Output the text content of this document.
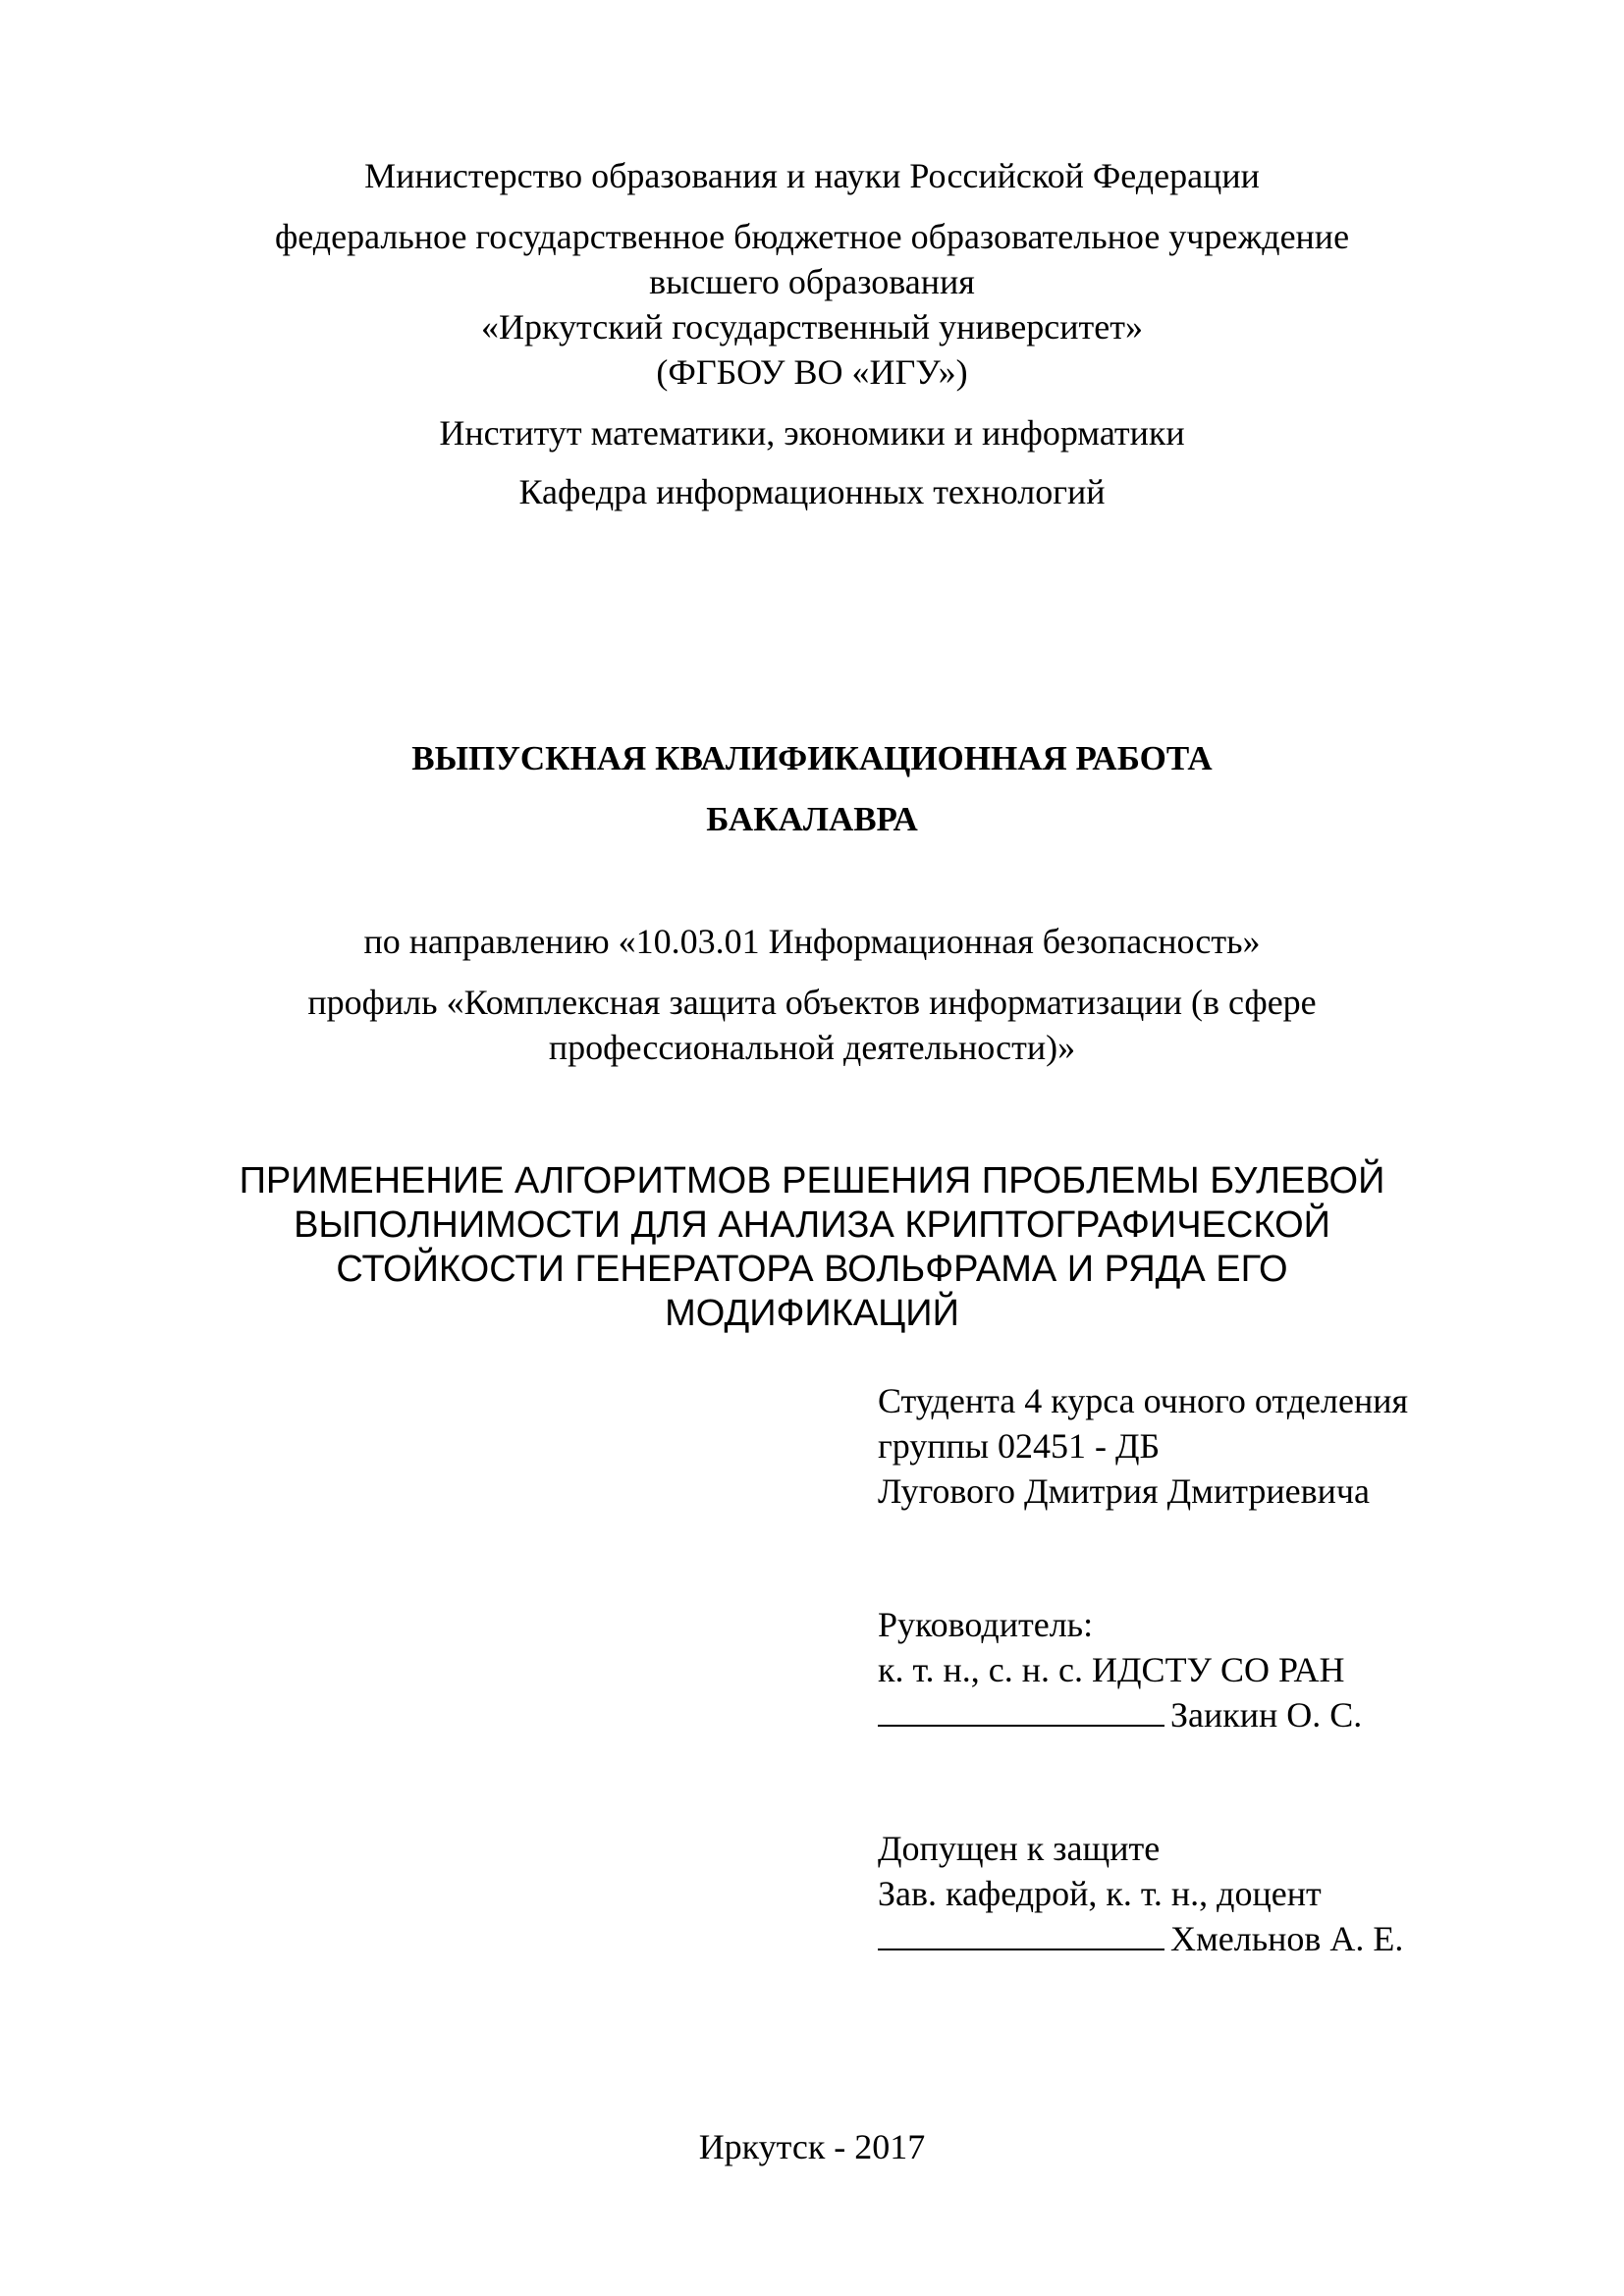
Министерство образования и науки Российской Федерации
федеральное государственное бюджетное образовательное учреждение
высшего образования
«Иркутский государственный университет»
(ФГБОУ ВО «ИГУ»)
Институт математики, экономики и информатики
Кафедра информационных технологий
ВЫПУСКНАЯ КВАЛИФИКАЦИОННАЯ РАБОТА
БАКАЛАВРА
по направлению «10.03.01 Информационная безопасность»
профиль «Комплексная защита объектов информатизации (в сфере
профессиональной деятельности)»
ПРИМЕНЕНИЕ АЛГОРИТМОВ РЕШЕНИЯ ПРОБЛЕМЫ БУЛЕВОЙ
ВЫПОЛНИМОСТИ ДЛЯ АНАЛИЗА КРИПТОГРАФИЧЕСКОЙ
СТОЙКОСТИ ГЕНЕРАТОРА ВОЛЬФРАМА И РЯДА ЕГО
МОДИФИКАЦИЙ
Студента 4 курса очного отделения
группы 02451 - ДБ
Лугового Дмитрия Дмитриевича
Руководитель:
к. т. н., с. н. с. ИДСТУ СО РАН
Заикин О. С.
Допущен к защите
Зав. кафедрой, к. т. н., доцент
Хмельнов А. Е.
Иркутск - 2017
